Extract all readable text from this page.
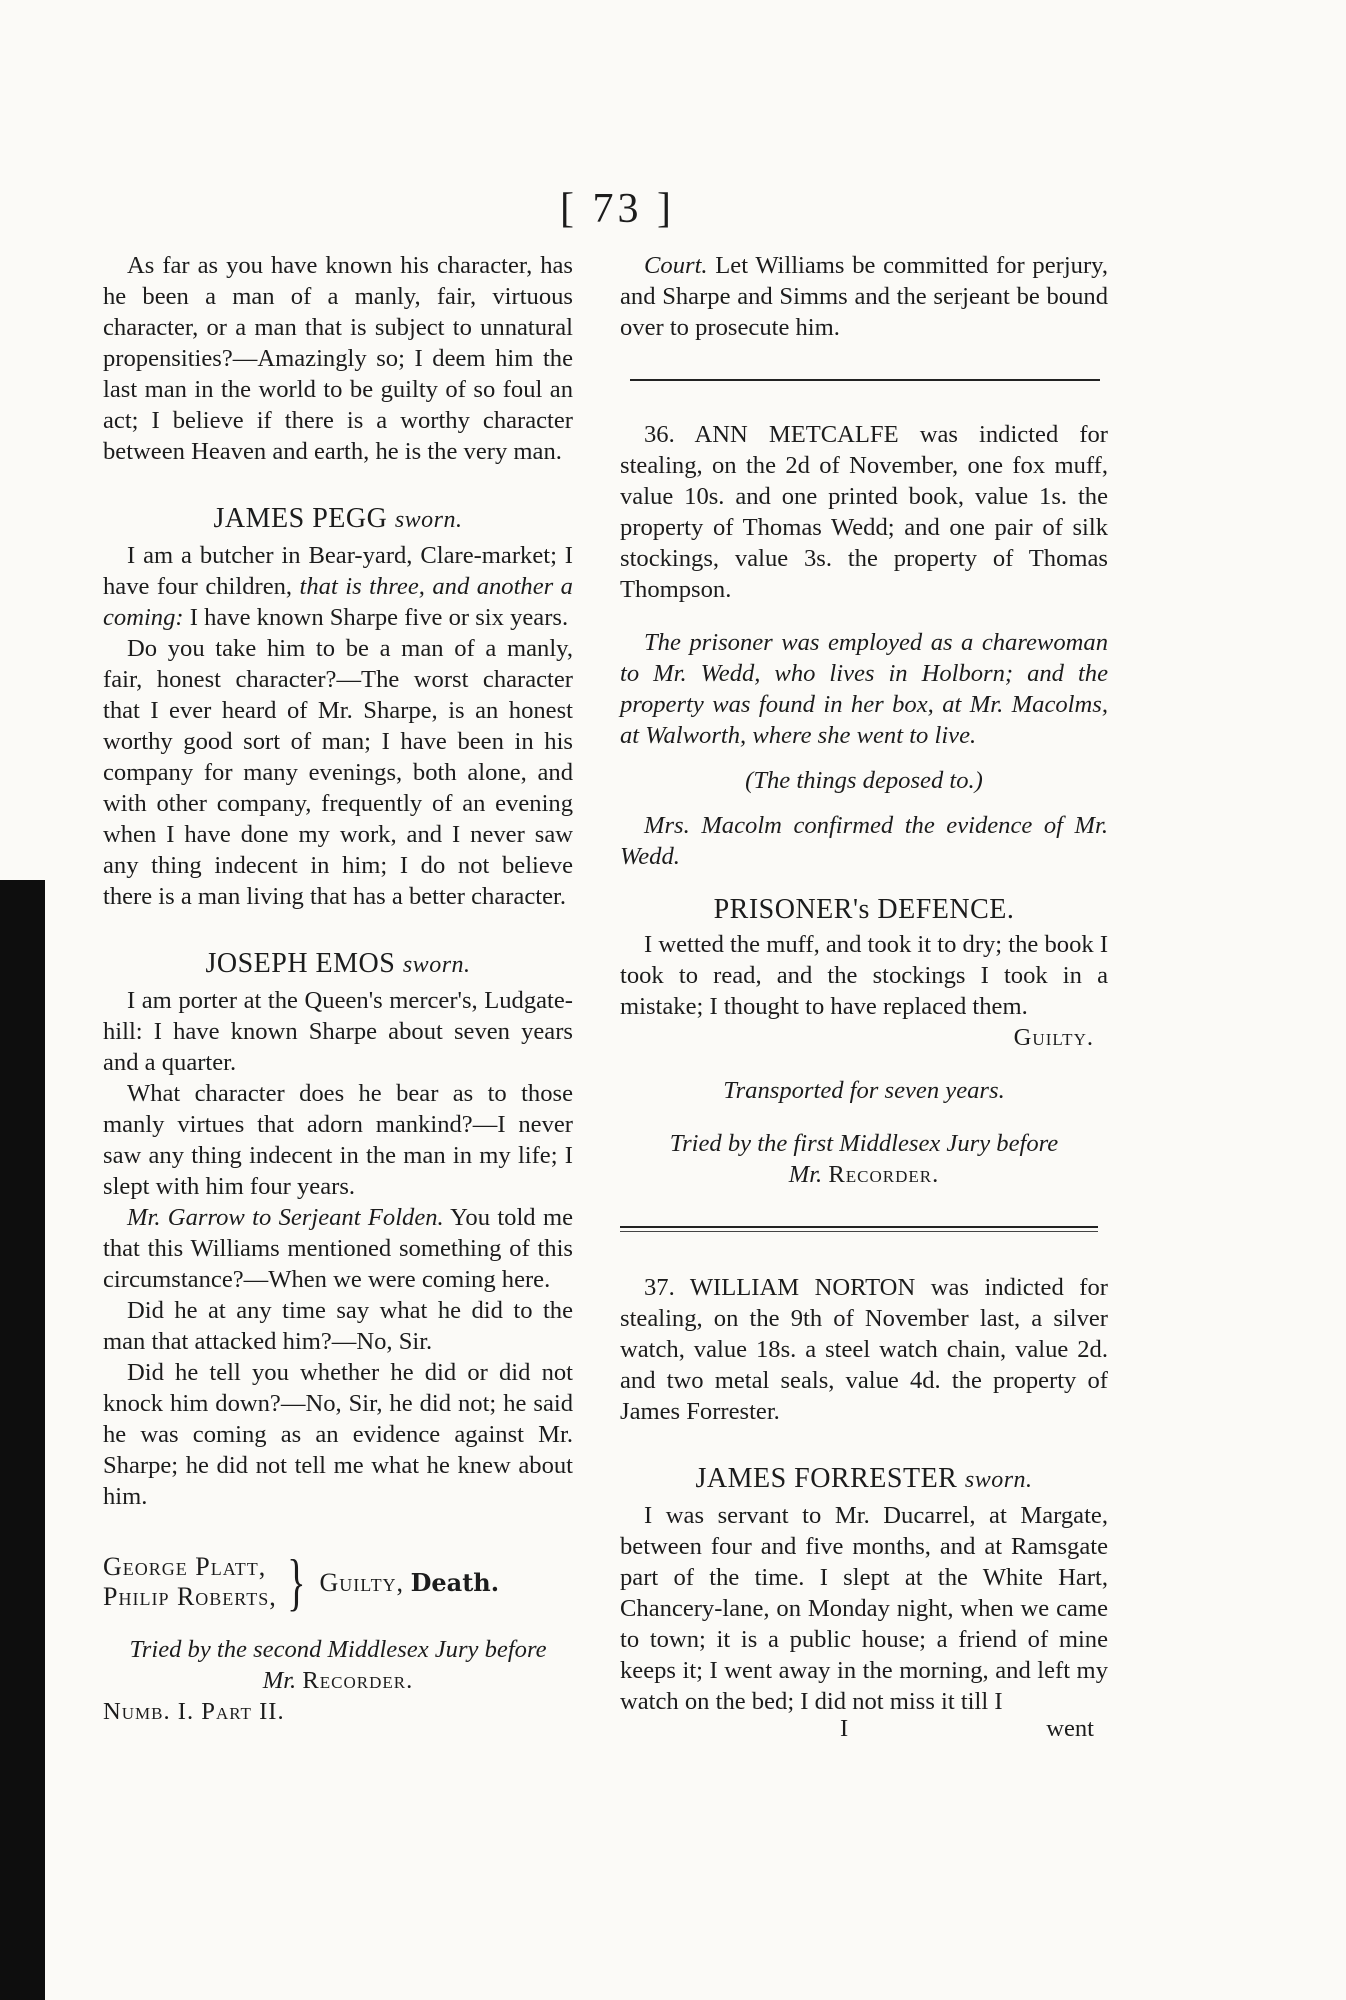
[ 73 ]

As far as you have known his character, has he been a man of a manly, fair, virtuous character, or a man that is subject to unnatural propensities?—Amazingly so; I deem him the last man in the world to be guilty of so foul an act; I believe if there is a worthy character between Heaven and earth, he is the very man.

JAMES PEGG sworn.

I am a butcher in Bear-yard, Clare-market; I have four children, that is three, and another a coming: I have known Sharpe five or six years.

Do you take him to be a man of a manly, fair, honest character?—The worst character that I ever heard of Mr. Sharpe, is an honest worthy good sort of man; I have been in his company for many evenings, both alone, and with other company, frequently of an evening when I have done my work, and I never saw any thing indecent in him; I do not believe there is a man living that has a better character.

JOSEPH EMOS sworn.

I am porter at the Queen's mercer's, Ludgate-hill: I have known Sharpe about seven years and a quarter.

What character does he bear as to those manly virtues that adorn mankind?—I never saw any thing indecent in the man in my life; I slept with him four years.

Mr. Garrow to Serjeant Folden. You told me that this Williams mentioned something of this circumstance?—When we were coming here.

Did he at any time say what he did to the man that attacked him?—No, Sir.

Did he tell you whether he did or did not knock him down?—No, Sir, he did not; he said he was coming as an evidence against Mr. Sharpe; he did not tell me what he knew about him.

George Platt,
Philip Roberts, } Guilty,
Death.

Tried by the second Middlesex Jury before

Mr. Recorder.

Numb. I. Part II.

Court. Let Williams be committed for perjury, and Sharpe and Simms and the serjeant be bound over to prosecute him.

36. ANN METCALFE was indicted for stealing, on the 2d of November, one fox muff, value 10s. and one printed book, value 1s. the property of Thomas Wedd; and one pair of silk stockings, value 3s. the property of Thomas Thompson.

The prisoner was employed as a charewoman to Mr. Wedd, who lives in Holborn; and the property was found in her box, at Mr. Macolms, at Walworth, where she went to live.

(The things deposed to.)

Mrs. Macolm confirmed the evidence of Mr. Wedd.

PRISONER's DEFENCE.

I wetted the muff, and took it to dry; the book I took to read, and the stockings I took in a mistake; I thought to have replaced them.

Guilty.

Transported for seven years.

Tried by the first Middlesex Jury before

Mr. Recorder.

37. WILLIAM NORTON was indicted for stealing, on the 9th of November last, a silver watch, value 18s. a steel watch chain, value 2d. and two metal seals, value 4d. the property of James Forrester.

JAMES FORRESTER sworn.

I was servant to Mr. Ducarrel, at Margate, between four and five months, and at Ramsgate part of the time. I slept at the White Hart, Chancery-lane, on Monday night, when we came to town; it is a public house; a friend of mine keeps it; I went away in the morning, and left my watch on the bed; I did not miss it till I

I	went
